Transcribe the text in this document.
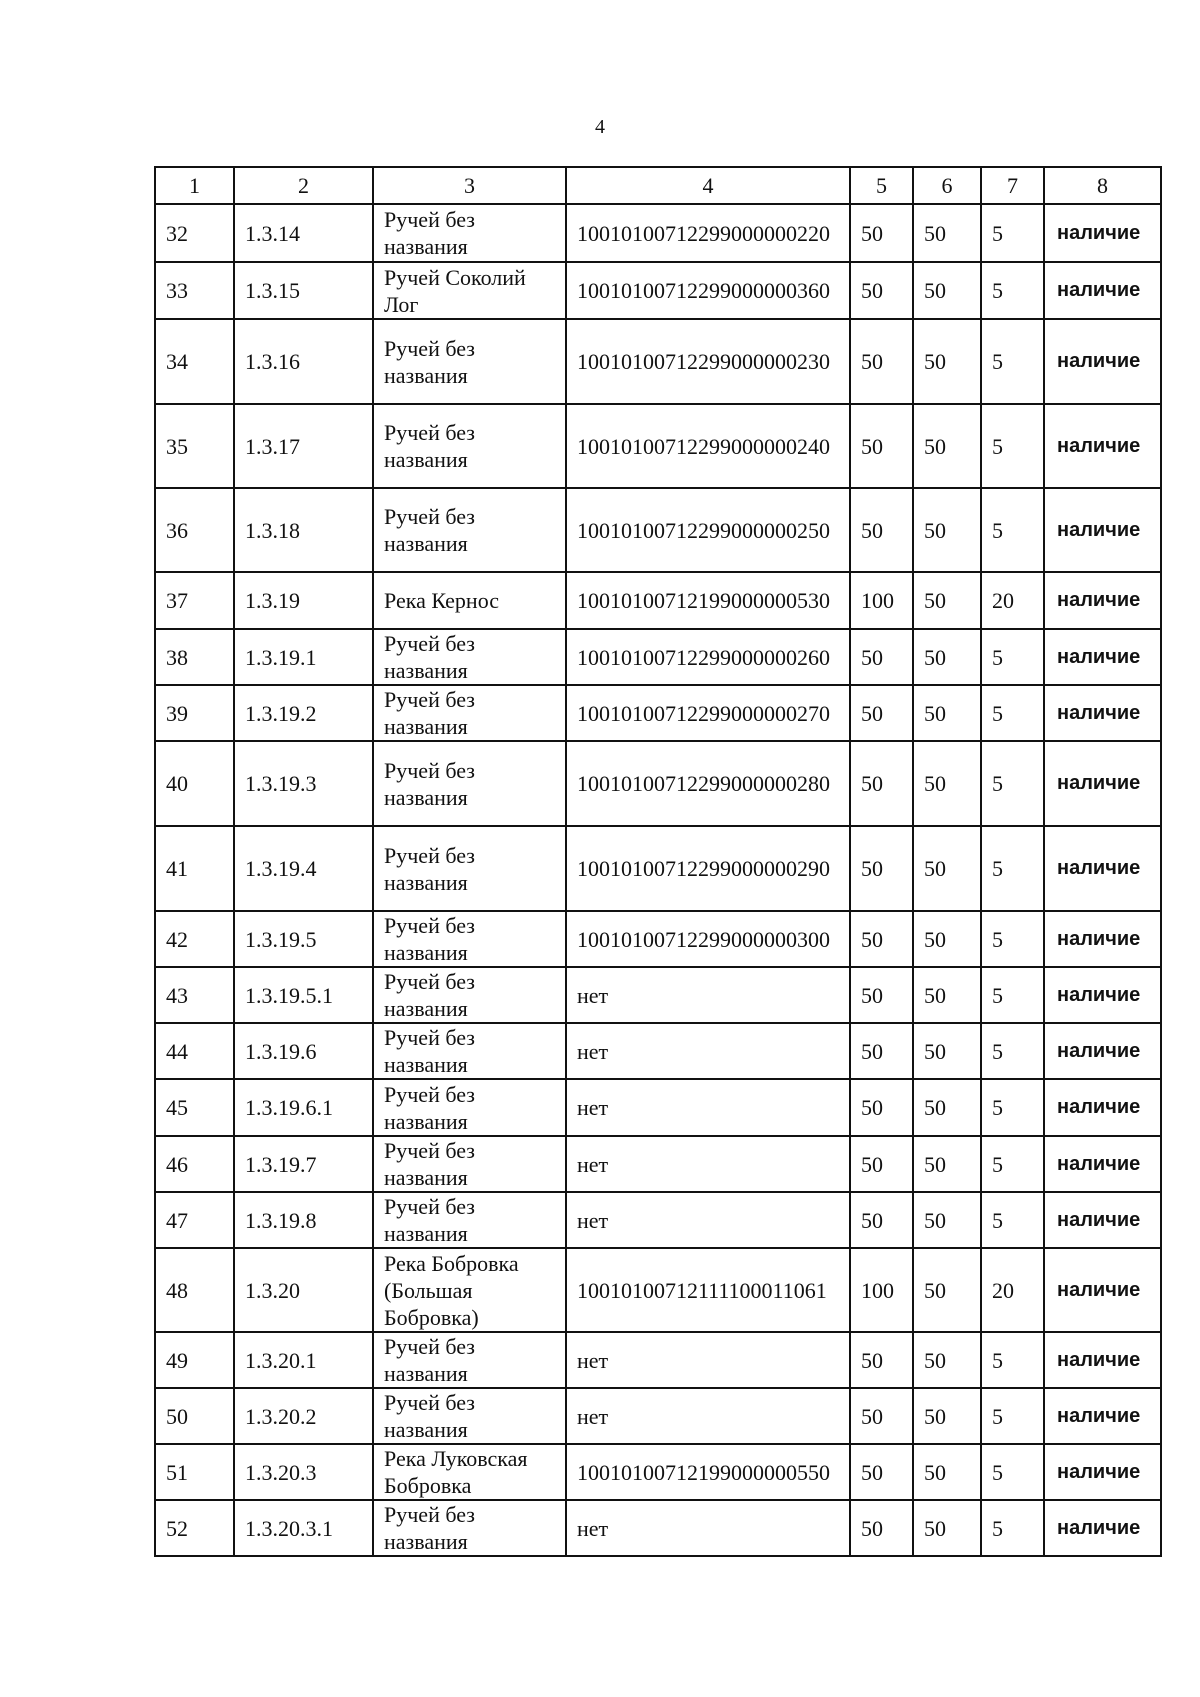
4
1	2	3	4	5	6	7	8
32	1.3.14	Ручей без названия	10010100712299000000220	50	50	5	наличие
33	1.3.15	Ручей Соколий Лог	10010100712299000000360	50	50	5	наличие
34	1.3.16	Ручей без названия	10010100712299000000230	50	50	5	наличие
35	1.3.17	Ручей без названия	10010100712299000000240	50	50	5	наличие
36	1.3.18	Ручей без названия	10010100712299000000250	50	50	5	наличие
37	1.3.19	Река Кернос	10010100712199000000530	100	50	20	наличие
38	1.3.19.1	Ручей без названия	10010100712299000000260	50	50	5	наличие
39	1.3.19.2	Ручей без названия	10010100712299000000270	50	50	5	наличие
40	1.3.19.3	Ручей без названия	10010100712299000000280	50	50	5	наличие
41	1.3.19.4	Ручей без названия	10010100712299000000290	50	50	5	наличие
42	1.3.19.5	Ручей без названия	10010100712299000000300	50	50	5	наличие
43	1.3.19.5.1	Ручей без названия	нет	50	50	5	наличие
44	1.3.19.6	Ручей без названия	нет	50	50	5	наличие
45	1.3.19.6.1	Ручей без названия	нет	50	50	5	наличие
46	1.3.19.7	Ручей без названия	нет	50	50	5	наличие
47	1.3.19.8	Ручей без названия	нет	50	50	5	наличие
48	1.3.20	Река Бобровка (Большая Бобровка)	10010100712111100011061	100	50	20	наличие
49	1.3.20.1	Ручей без названия	нет	50	50	5	наличие
50	1.3.20.2	Ручей без названия	нет	50	50	5	наличие
51	1.3.20.3	Река Луковская Бобровка	10010100712199000000550	50	50	5	наличие
52	1.3.20.3.1	Ручей без названия	нет	50	50	5	наличие
